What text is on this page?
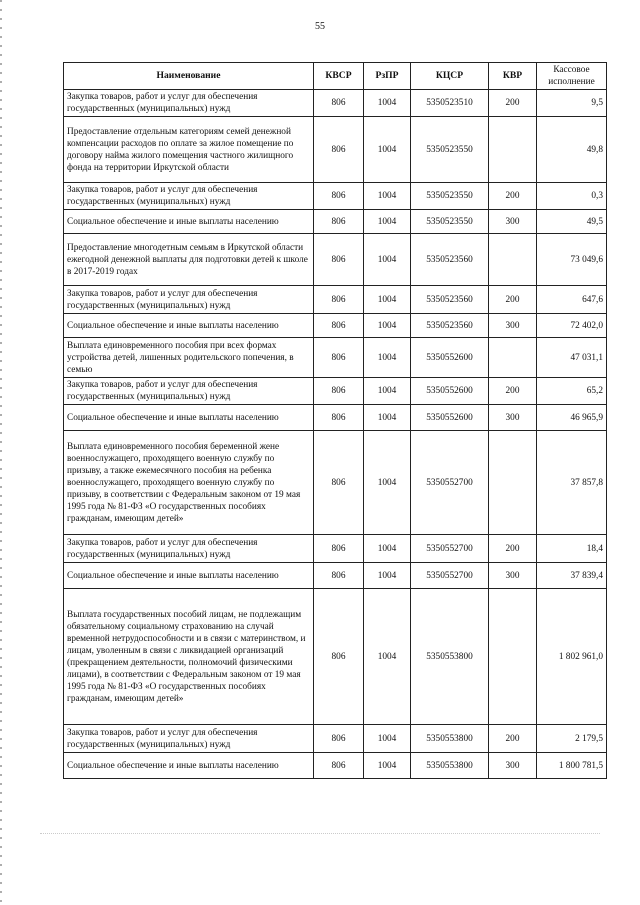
55
Наименование	КВСР	РзПР	КЦСР	КВР	Кассовое исполнение
Закупка товаров, работ и услуг для обеспечения государственных (муниципальных) нужд	806	1004	5350523510	200	9,5
Предоставление отдельным категориям семей денежной компенсации расходов по оплате за жилое помещение по договору найма жилого помещения частного жилищного фонда на территории Иркутской области	806	1004	5350523550		49,8
Закупка товаров, работ и услуг для обеспечения государственных (муниципальных) нужд	806	1004	5350523550	200	0,3
Социальное обеспечение и иные выплаты населению	806	1004	5350523550	300	49,5
Предоставление многодетным семьям в Иркутской области ежегодной денежной выплаты для подготовки детей к школе в 2017-2019 годах	806	1004	5350523560		73 049,6
Закупка товаров, работ и услуг для обеспечения государственных (муниципальных) нужд	806	1004	5350523560	200	647,6
Социальное обеспечение и иные выплаты населению	806	1004	5350523560	300	72 402,0
Выплата единовременного пособия при всех формах устройства детей, лишенных родительского попечения, в семью	806	1004	5350552600		47 031,1
Закупка товаров, работ и услуг для обеспечения государственных (муниципальных) нужд	806	1004	5350552600	200	65,2
Социальное обеспечение и иные выплаты населению	806	1004	5350552600	300	46 965,9
Выплата единовременного пособия беременной жене военнослужащего, проходящего военную службу по призыву, а также ежемесячного пособия на ребенка военнослужащего, проходящего военную службу по призыву, в соответствии с Федеральным законом от 19 мая 1995 года № 81-ФЗ «О государственных пособиях гражданам, имеющим детей»	806	1004	5350552700		37 857,8
Закупка товаров, работ и услуг для обеспечения государственных (муниципальных) нужд	806	1004	5350552700	200	18,4
Социальное обеспечение и иные выплаты населению	806	1004	5350552700	300	37 839,4
Выплата государственных пособий лицам, не подлежащим обязательному социальному страхованию на случай временной нетрудоспособности и в связи с материнством, и лицам, уволенным в связи с ликвидацией организаций (прекращением деятельности, полномочий физическими лицами), в соответствии с Федеральным законом от 19 мая 1995 года № 81-ФЗ «О государственных пособиях гражданам, имеющим детей»	806	1004	5350553800		1 802 961,0
Закупка товаров, работ и услуг для обеспечения государственных (муниципальных) нужд	806	1004	5350553800	200	2 179,5
Социальное обеспечение и иные выплаты населению	806	1004	5350553800	300	1 800 781,5
